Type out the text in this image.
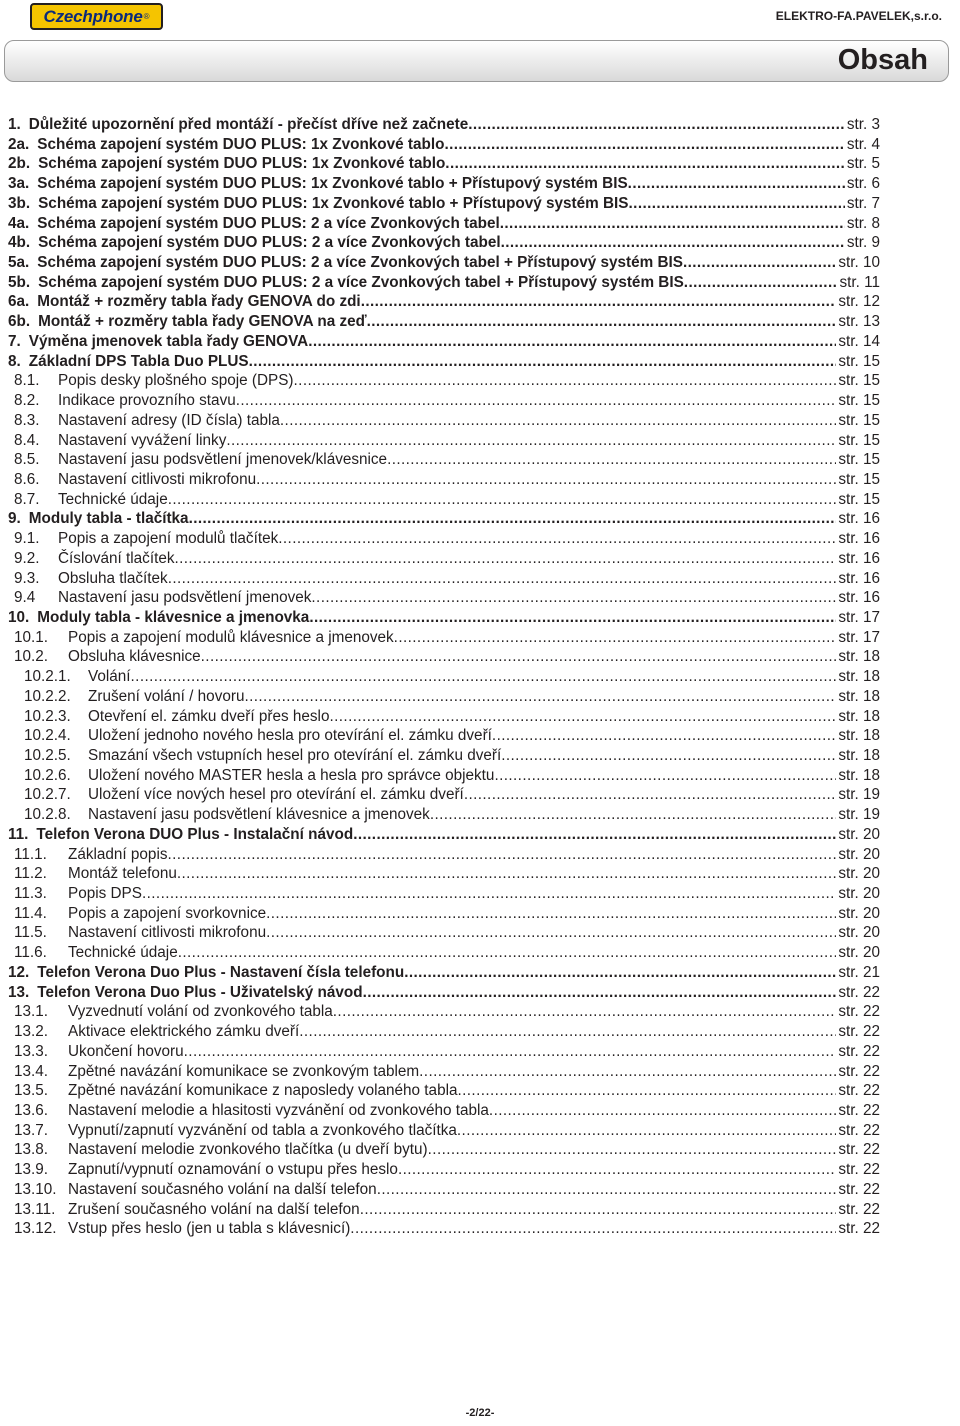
Czechphone ®	ELEKTRO-FA.PAVELEK,s.r.o.
Obsah
1. Důležité upozornění před montáží - přečíst dříve než začnete .....	str. 3
2a. Schéma zapojení systém DUO PLUS: 1x Zvonkové tablo .....	str. 4
2b. Schéma zapojení systém DUO PLUS: 1x Zvonkové tablo .....	str. 5
3a. Schéma zapojení systém DUO PLUS: 1x Zvonkové tablo + Přístupový systém BIS .....	str. 6
3b. Schéma zapojení systém DUO PLUS: 1x Zvonkové tablo + Přístupový systém BIS .....	str. 7
4a. Schéma zapojení systém DUO PLUS: 2 a více Zvonkových tabel .....	str. 8
4b. Schéma zapojení systém DUO PLUS: 2 a více Zvonkových tabel .....	str. 9
5a. Schéma zapojení systém DUO PLUS: 2 a více Zvonkových tabel + Přístupový systém BIS .....	str. 10
5b. Schéma zapojení systém DUO PLUS: 2 a více Zvonkových tabel + Přístupový systém BIS .....	str. 11
6a. Montáž + rozměry tabla řady GENOVA do zdi .....	str. 12
6b. Montáž + rozměry tabla řady GENOVA na zeď .....	str. 13
7. Výměna jmenovek tabla řady GENOVA .....	str. 14
8. Základní DPS Tabla Duo PLUS .....	str. 15
8.1.	Popis desky plošného spoje (DPS) .....	str. 15
8.2.	Indikace provozního stavu .....	str. 15
8.3.	Nastavení adresy (ID čísla) tabla .....	str. 15
8.4.	Nastavení vyvážení linky .....	str. 15
8.5.	Nastavení jasu podsvětlení jmenovek/klávesnice .....	str. 15
8.6.	Nastavení citlivosti mikrofonu .....	str. 15
8.7.	Technické údaje .....	str. 15
9. Moduly tabla - tlačítka .....	str. 16
9.1.	Popis a zapojení modulů tlačítek .....	str. 16
9.2.	Číslování tlačítek .....	str. 16
9.3.	Obsluha tlačítek .....	str. 16
9.4	Nastavení jasu podsvětlení jmenovek .....	str. 16
10. Moduly tabla - klávesnice a jmenovka .....	str. 17
10.1.	Popis a zapojení modulů klávesnice a jmenovek .....	str. 17
10.2.	Obsluha klávesnice .....	str. 18
10.2.1.	Volání .....	str. 18
10.2.2.	Zrušení volání / hovoru .....	str. 18
10.2.3.	Otevření el. zámku dveří přes heslo .....	str. 18
10.2.4.	Uložení jednoho nového hesla pro otevírání el. zámku dveří .....	str. 18
10.2.5.	Smazání všech vstupních hesel pro otevírání el. zámku dveří .....	str. 18
10.2.6.	Uložení nového MASTER hesla a hesla pro správce objektu .....	str. 18
10.2.7.	Uložení více nových hesel pro otevírání el. zámku dveří .....	str. 19
10.2.8.	Nastavení jasu podsvětlení klávesnice a jmenovek .....	str. 19
11. Telefon Verona DUO Plus - Instalační návod .....	str. 20
11.1.	Základní popis .....	str. 20
11.2.	Montáž telefonu .....	str. 20
11.3.	Popis DPS .....	str. 20
11.4.	Popis a zapojení svorkovnice .....	str. 20
11.5.	Nastavení citlivosti mikrofonu .....	str. 20
11.6.	Technické údaje .....	str. 20
12. Telefon Verona Duo Plus - Nastavení čísla telefonu .....	str. 21
13. Telefon Verona Duo Plus - Uživatelský návod .....	str. 22
13.1.	Vyzvednutí volání od zvonkového tabla .....	str. 22
13.2.	Aktivace elektrického zámku dveří .....	str. 22
13.3.	Ukončení hovoru .....	str. 22
13.4.	Zpětné navázání komunikace se zvonkovým tablem .....	str. 22
13.5.	Zpětné navázání komunikace z naposledy volaného tabla .....	str. 22
13.6.	Nastavení melodie a hlasitosti vyzvánění od zvonkového tabla .....	str. 22
13.7.	Vypnutí/zapnutí vyzvánění od tabla a zvonkového tlačítka .....	str. 22
13.8.	Nastavení melodie zvonkového tlačítka (u dveří bytu) .....	str. 22
13.9.	Zapnutí/vypnutí oznamování o vstupu přes heslo .....	str. 22
13.10. Nastavení současného volání na další telefon .....	str. 22
13.11. Zrušení současného volání na další telefon .....	str. 22
13.12. Vstup přes heslo (jen u tabla s klávesnicí) .....	str. 22
-2/22-
